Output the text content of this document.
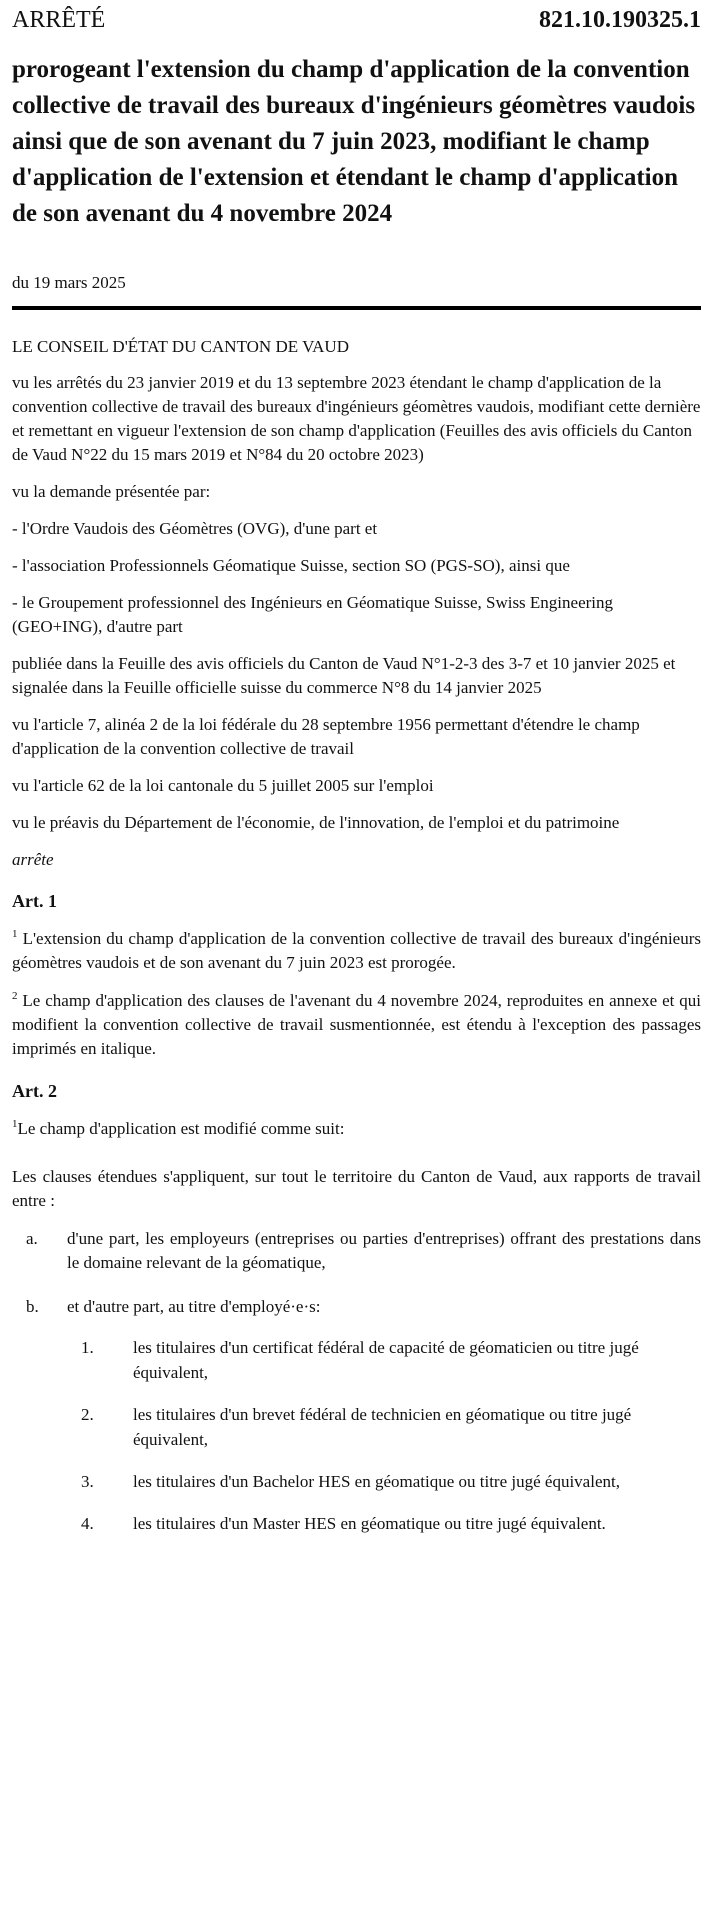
ARRÊTÉ	821.10.190325.1
prorogeant l'extension du champ d'application de la convention collective de travail des bureaux d'ingénieurs géomètres vaudois ainsi que de son avenant du 7 juin 2023, modifiant le champ d'application de l'extension et étendant le champ d'application de son avenant du 4 novembre 2024
du 19 mars 2025
LE CONSEIL D'ÉTAT DU CANTON DE VAUD
vu les arrêtés du 23 janvier 2019 et du 13 septembre 2023 étendant le champ d'application de la convention collective de travail des bureaux d'ingénieurs géomètres vaudois, modifiant cette dernière et remettant en vigueur l'extension de son champ d'application (Feuilles des avis officiels du Canton de Vaud N°22 du 15 mars 2019 et N°84 du 20 octobre 2023)
vu la demande présentée par:
- l'Ordre Vaudois des Géomètres (OVG), d'une part et
- l'association Professionnels Géomatique Suisse, section SO (PGS-SO), ainsi que
- le Groupement professionnel des Ingénieurs en Géomatique Suisse, Swiss Engineering (GEO+ING), d'autre part
publiée dans la Feuille des avis officiels du Canton de Vaud N°1-2-3 des 3-7 et 10 janvier 2025 et signalée dans la Feuille officielle suisse du commerce N°8 du 14 janvier 2025
vu l'article 7, alinéa 2 de la loi fédérale du 28 septembre 1956 permettant d'étendre le champ d'application de la convention collective de travail
vu l'article 62 de la loi cantonale du 5 juillet 2005 sur l'emploi
vu le préavis du Département de l'économie, de l'innovation, de l'emploi et du patrimoine
arrête
Art. 1
$^1$ L'extension du champ d'application de la convention collective de travail des bureaux d'ingénieurs géomètres vaudois et de son avenant du 7 juin 2023 est prorogée.
$^2$ Le champ d'application des clauses de l'avenant du 4 novembre 2024, reproduites en annexe et qui modifient la convention collective de travail susmentionnée, est étendu à l'exception des passages imprimés en italique.
Art. 2
$^1$Le champ d'application est modifié comme suit:
Les clauses étendues s'appliquent, sur tout le territoire du Canton de Vaud, aux rapports de travail entre :
a.	d'une part, les employeurs (entreprises ou parties d'entreprises) offrant des prestations dans le domaine relevant de la géomatique,
b.	et d'autre part, au titre d'employé·e·s:
1.	les titulaires d'un certificat fédéral de capacité de géomaticien ou titre jugé équivalent,
2.	les titulaires d'un brevet fédéral de technicien en géomatique ou titre jugé équivalent,
3.	les titulaires d'un Bachelor HES en géomatique ou titre jugé équivalent,
4.	les titulaires d'un Master HES en géomatique ou titre jugé équivalent.
